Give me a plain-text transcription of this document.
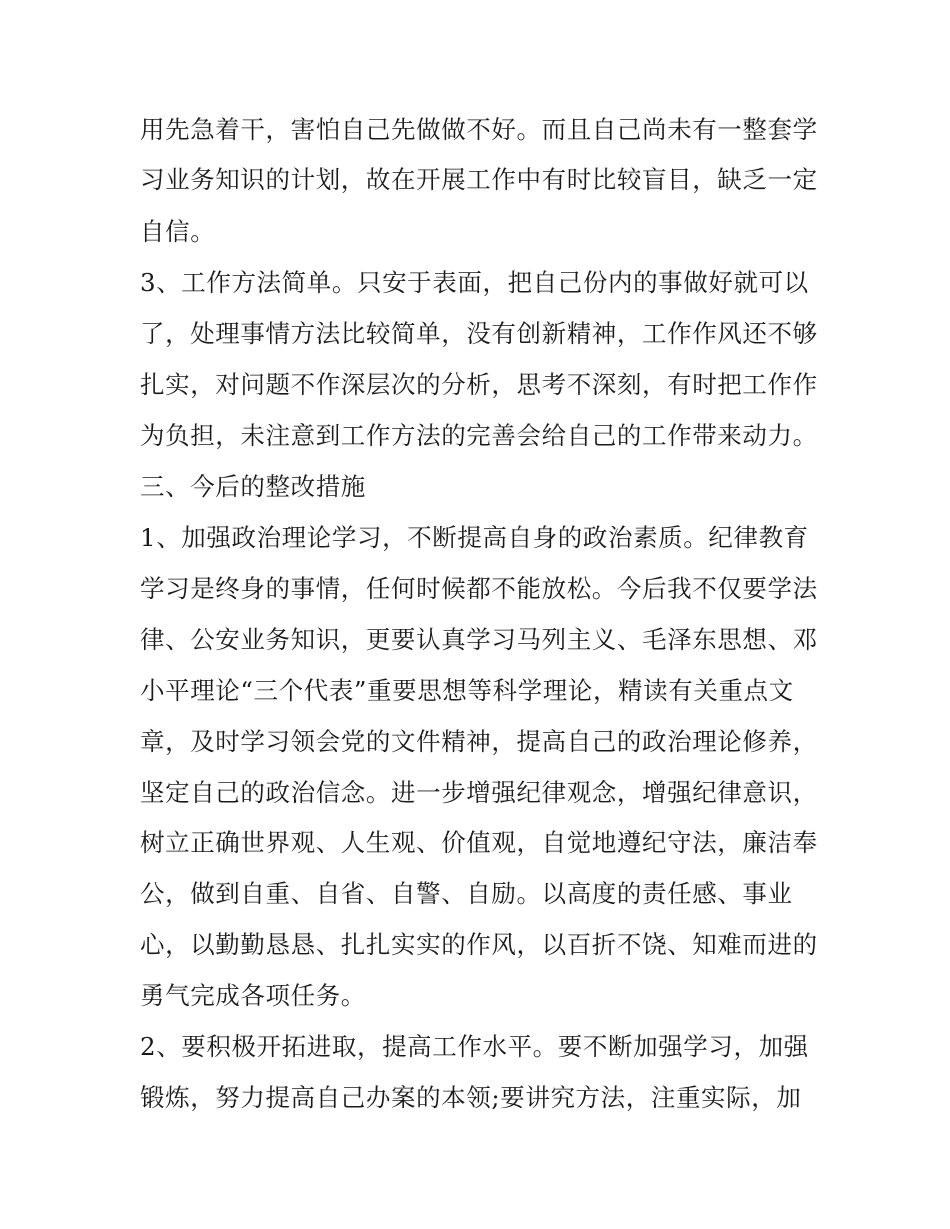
用先急着干，害怕自己先做做不好。而且自己尚未有一整套学
习业务知识的计划，故在开展工作中有时比较盲目，缺乏一定
自信。
3、工作方法简单。只安于表面，把自己份内的事做好就可以
了，处理事情方法比较简单，没有创新精神，工作作风还不够
扎实，对问题不作深层次的分析，思考不深刻，有时把工作作
为负担，未注意到工作方法的完善会给自己的工作带来动力。
三、今后的整改措施
1、加强政治理论学习，不断提高自身的政治素质。纪律教育
学习是终身的事情，任何时候都不能放松。今后我不仅要学法
律、公安业务知识，更要认真学习马列主义、毛泽东思想、邓
小平理论“三个代表”重要思想等科学理论，精读有关重点文
章，及时学习领会党的文件精神，提高自己的政治理论修养，
坚定自己的政治信念。进一步增强纪律观念，增强纪律意识，
树立正确世界观、人生观、价值观，自觉地遵纪守法，廉洁奉
公，做到自重、自省、自警、自励。以高度的责任感、事业
心，以勤勤恳恳、扎扎实实的作风，以百折不饶、知难而进的
勇气完成各项任务。
2、要积极开拓进取，提高工作水平。要不断加强学习，加强
锻炼，努力提高自己办案的本领;要讲究方法，注重实际，加
